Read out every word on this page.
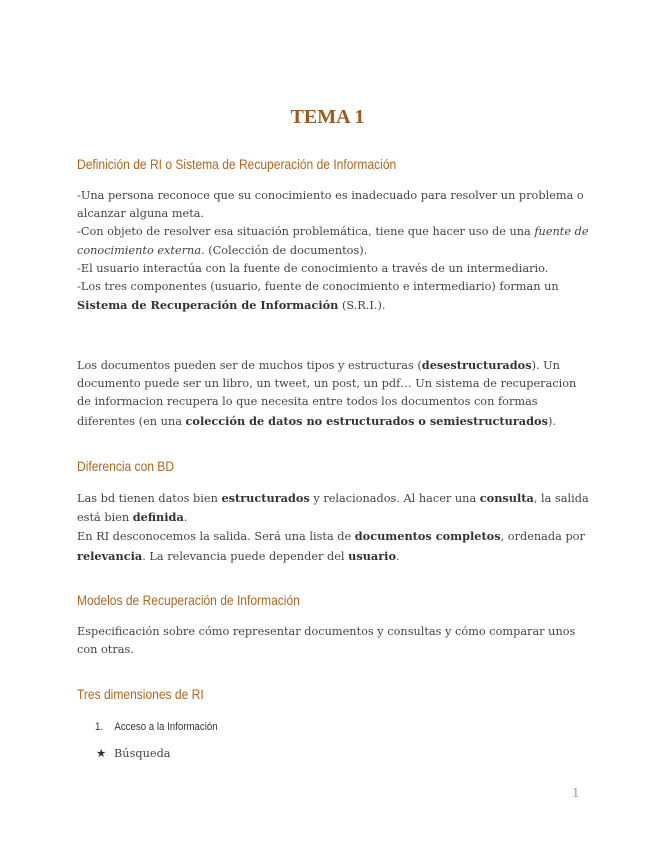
TEMA 1
Definición de RI o Sistema de Recuperación de Información
-Una persona reconoce que su conocimiento es inadecuado para resolver un problema o
alcanzar alguna meta.
-Con objeto de resolver esa situación problemática, tiene que hacer uso de una fuente de
conocimiento externa. (Colección de documentos).
-El usuario interactúa con la fuente de conocimiento a través de un intermediario.
-Los tres componentes (usuario, fuente de conocimiento e intermediario) forman un
Sistema de Recuperación de Información (S.R.I.).
Los documentos pueden ser de muchos tipos y estructuras (desestructurados). Un
documento puede ser un libro, un tweet, un post, un pdf… Un sistema de recuperacion
de informacion recupera lo que necesita entre todos los documentos con formas
diferentes (en una colección de datos no estructurados o semiestructurados).
Diferencia con BD
Las bd tienen datos bien estructurados y relacionados. Al hacer una consulta, la salida
está bien definida.
En RI desconocemos la salida. Será una lista de documentos completos, ordenada por
relevancia. La relevancia puede depender del usuario.
Modelos de Recuperación de Información
Especificación sobre cómo representar documentos y consultas y cómo comparar unos
con otras.
Tres dimensiones de RI
1. Acceso a la Información
★ Búsqueda
1
